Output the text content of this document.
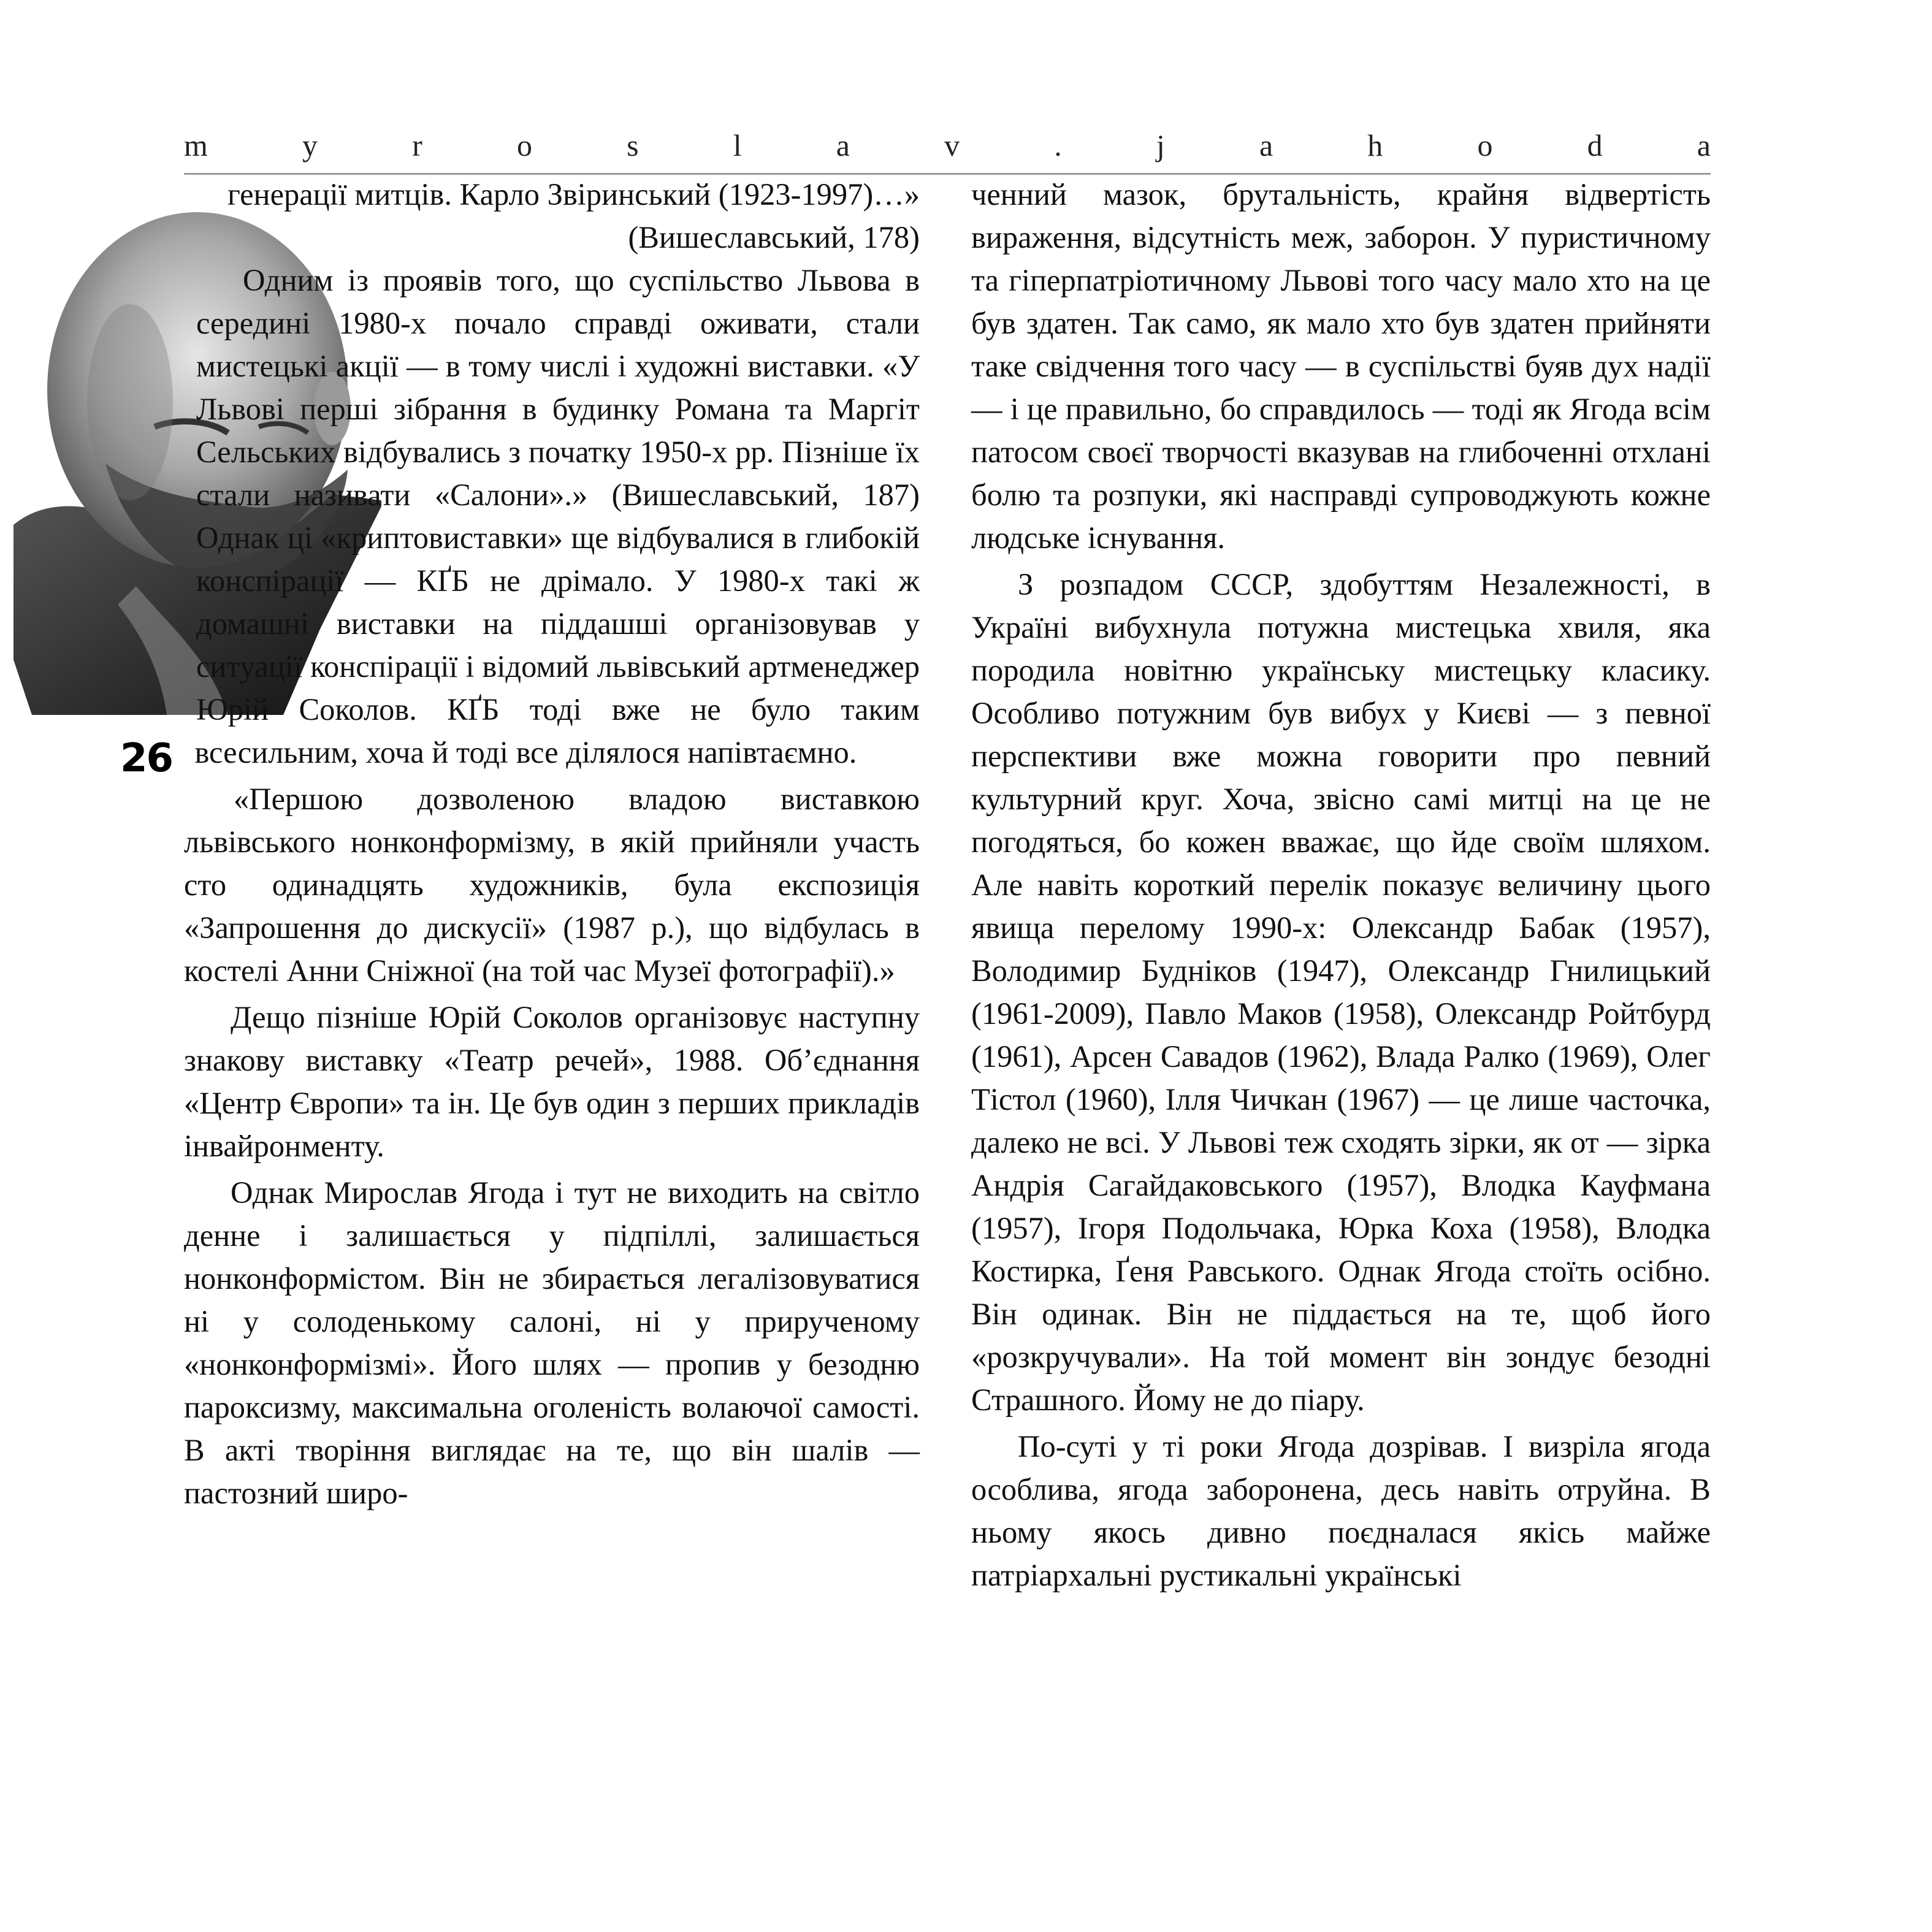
m	y	r	o	s	l	a	v	.	j	a	h	o	d	a
26

генерації митців. Карло Звіринський (1923-1997)…» (Вишеславський, 178)

Одним із проявів того, що суспільство Львова в середині 1980-х почало справді оживати, стали мистецькі акції — в тому числі і художні виставки. «У Львові перші зібрання в будинку Романа та Маргіт Сельських відбувались з початку 1950-х рр. Пізніше їх стали називати «Салони».» (Вишеславський, 187) Однак ці «криптовиставки» ще відбувалися в глибокій конспірації — КҐБ не дрімало. У 1980-х такі ж домашні виставки на піддашші організовував у ситуації конспірації і відомий львівський артменеджер Юрій Соколов. КҐБ тоді вже не було таким всесильним, хоча й тоді все ділялося напівтаємно.

«Першою дозволеною владою виставкою львівського нонконформізму, в якій прийняли участь сто одинадцять художників, була експозиція «Запрошення до дискусії» (1987 р.), що відбулась в костелі Анни Сніжної (на той час Музеї фотографії).»

Дещо пізніше Юрій Соколов організовує наступну знакову виставку «Театр речей», 1988. Об’єднання «Центр Європи» та ін. Це був один з перших прикладів інвайронменту.

Однак Мирослав Ягода і тут не виходить на світло денне і залишається у підпіллі, залишається нонконформістом. Він не збирається легалізовуватися ні у солоденькому салоні, ні у прирученому «нонконформізмі». Його шлях — пропив у безодню пароксизму, максимальна оголеність волаючої самості. В акті творіння виглядає на те, що він шалів — пастозний широ-

ченний мазок, брутальність, крайня відвертість вираження, відсутність меж, заборон. У пуристичному та гіперпатріотичному Львові того часу мало хто на це був здатен. Так само, як мало хто був здатен прийняти таке свідчення того часу — в суспільстві буяв дух надії — і це правильно, бо справдилось — тоді як Ягода всім патосом своєї творчості вказував на глибоченні отхлані болю та розпуки, які насправді супроводжують кожне людське існування.

З розпадом СССР, здобуттям Незалежності, в Україні вибухнула потужна мистецька хвиля, яка породила новітню українську мистецьку класику. Особливо потужним був вибух у Києві — з певної перспективи вже можна говорити про певний культурний круг. Хоча, звісно самі митці на це не погодяться, бо кожен вважає, що йде своїм шляхом. Але навіть короткий перелік показує величину цього явища перелому 1990-х: Олександр Бабак (1957), Володимир Будніков (1947), Олександр Гнилицький (1961-2009), Павло Маков (1958), Олександр Ройтбурд (1961), Арсен Савадов (1962), Влада Ралко (1969), Олег Тістол (1960), Ілля Чичкан (1967) — це лише часточка, далеко не всі. У Львові теж сходять зірки, як от — зірка Андрія Сагайдаковського (1957), Влодка Кауфмана (1957), Ігоря Подольчака, Юрка Коха (1958), Влодка Костирка, Ґеня Равського. Однак Ягода стоїть осібно. Він одинак. Він не піддається на те, щоб його «розкручували». На той момент він зондує безодні Страшного. Йому не до піару.

По-суті у ті роки Ягода дозрівав. І визріла ягода особлива, ягода заборонена, десь навіть отруйна. В ньому якось дивно поєдналася якісь майже патріархальні рустикальні українські
